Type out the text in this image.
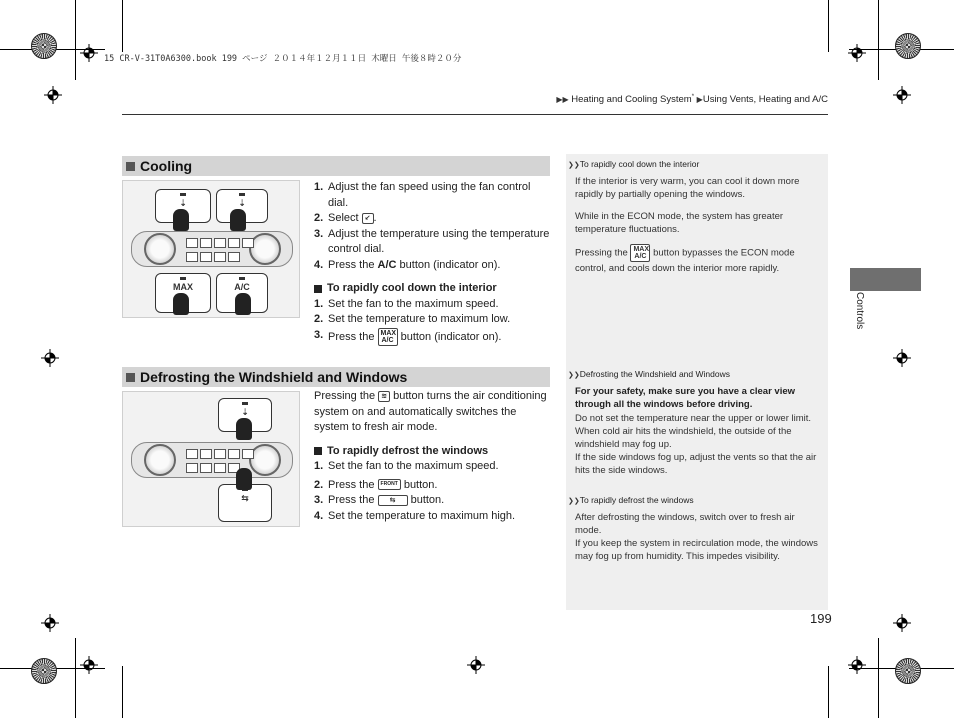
15 CR-V-31T0A6300.book 199 ページ ２０１４年１２月１１日 木曜日 午後８時２０分
▶▶ Heating and Cooling System* ▶Using Vents, Heating and A/C
Controls
Cooling
⇣	⇣
MAX	A/C
1. Adjust the fan speed using the fan control dial.
2. Select ↙ .
3. Adjust the temperature using the temperature control dial.
4. Press the A/C button (indicator on).
To rapidly cool down the interior
1. Set the fan to the maximum speed.
2. Set the temperature to maximum low.
3. Press the MAX A/C button (indicator on).
Defrosting the Windshield and Windows
⇣
⇆
Pressing the ≋ button turns the air conditioning system on and automatically switches the system to fresh air mode.
To rapidly defrost the windows
1. Set the fan to the maximum speed.
2. Press the FRONT button.
3. Press the ⇆ button.
4. Set the temperature to maximum high.
❯❯To rapidly cool down the interior
If the interior is very warm, you can cool it down more rapidly by partially opening the windows.
While in the ECON mode, the system has greater temperature fluctuations.
Pressing the MAX A/C button bypasses the ECON mode control, and cools down the interior more rapidly.
❯❯Defrosting the Windshield and Windows
For your safety, make sure you have a clear view through all the windows before driving.
Do not set the temperature near the upper or lower limit.
When cold air hits the windshield, the outside of the windshield may fog up.
If the side windows fog up, adjust the vents so that the air hits the side windows.
❯❯To rapidly defrost the windows
After defrosting the windows, switch over to fresh air mode.
If you keep the system in recirculation mode, the windows may fog up from humidity. This impedes visibility.
199
